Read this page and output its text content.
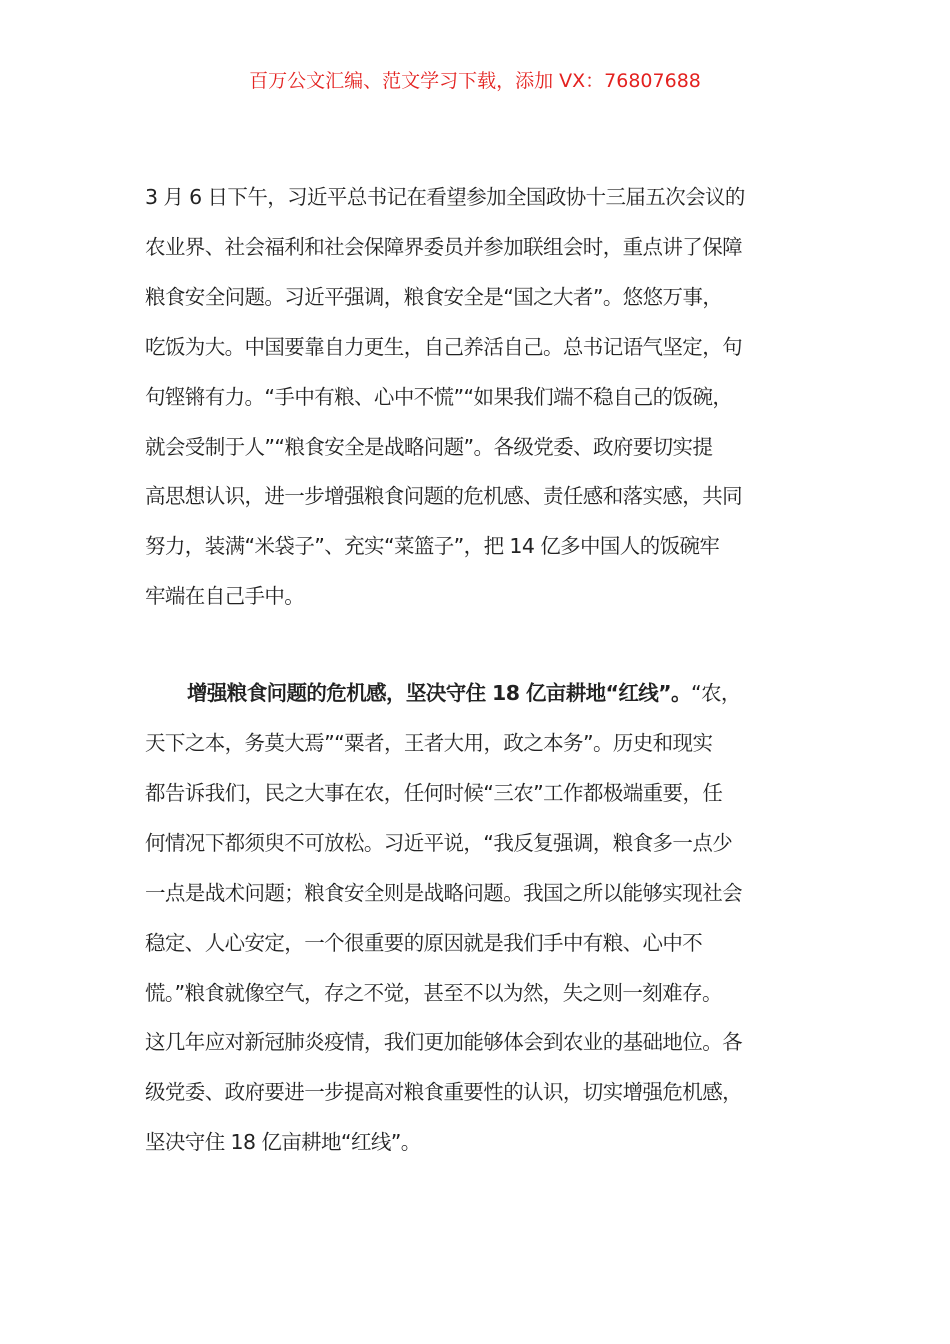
百万公文汇编、范文学习下载，添加 VX：76807688
3 月 6 日下午，习近平总书记在看望参加全国政协十三届五次会议的
农业界、社会福利和社会保障界委员并参加联组会时，重点讲了保障
粮食安全问题。习近平强调，粮食安全是“国之大者”。悠悠万事，
吃饭为大。中国要靠自力更生，自己养活自己。总书记语气坚定，句
句铿锵有力。“手中有粮、心中不慌”“如果我们端不稳自己的饭碗，
就会受制于人”“粮食安全是战略问题”。各级党委、政府要切实提
高思想认识，进一步增强粮食问题的危机感、责任感和落实感，共同
努力，装满“米袋子”、充实“菜篮子”，把 14 亿多中国人的饭碗牢
牢端在自己手中。
增强粮食问题的危机感，坚决守住 18 亿亩耕地“红线”。“农，
天下之本，务莫大焉”“粟者，王者大用，政之本务”。历史和现实
都告诉我们，民之大事在农，任何时候“三农”工作都极端重要，任
何情况下都须臾不可放松。习近平说，“我反复强调，粮食多一点少
一点是战术问题；粮食安全则是战略问题。我国之所以能够实现社会
稳定、人心安定，一个很重要的原因就是我们手中有粮、心中不
慌。”粮食就像空气，存之不觉，甚至不以为然，失之则一刻难存。
这几年应对新冠肺炎疫情，我们更加能够体会到农业的基础地位。各
级党委、政府要进一步提高对粮食重要性的认识，切实增强危机感，
坚决守住 18 亿亩耕地“红线”。
